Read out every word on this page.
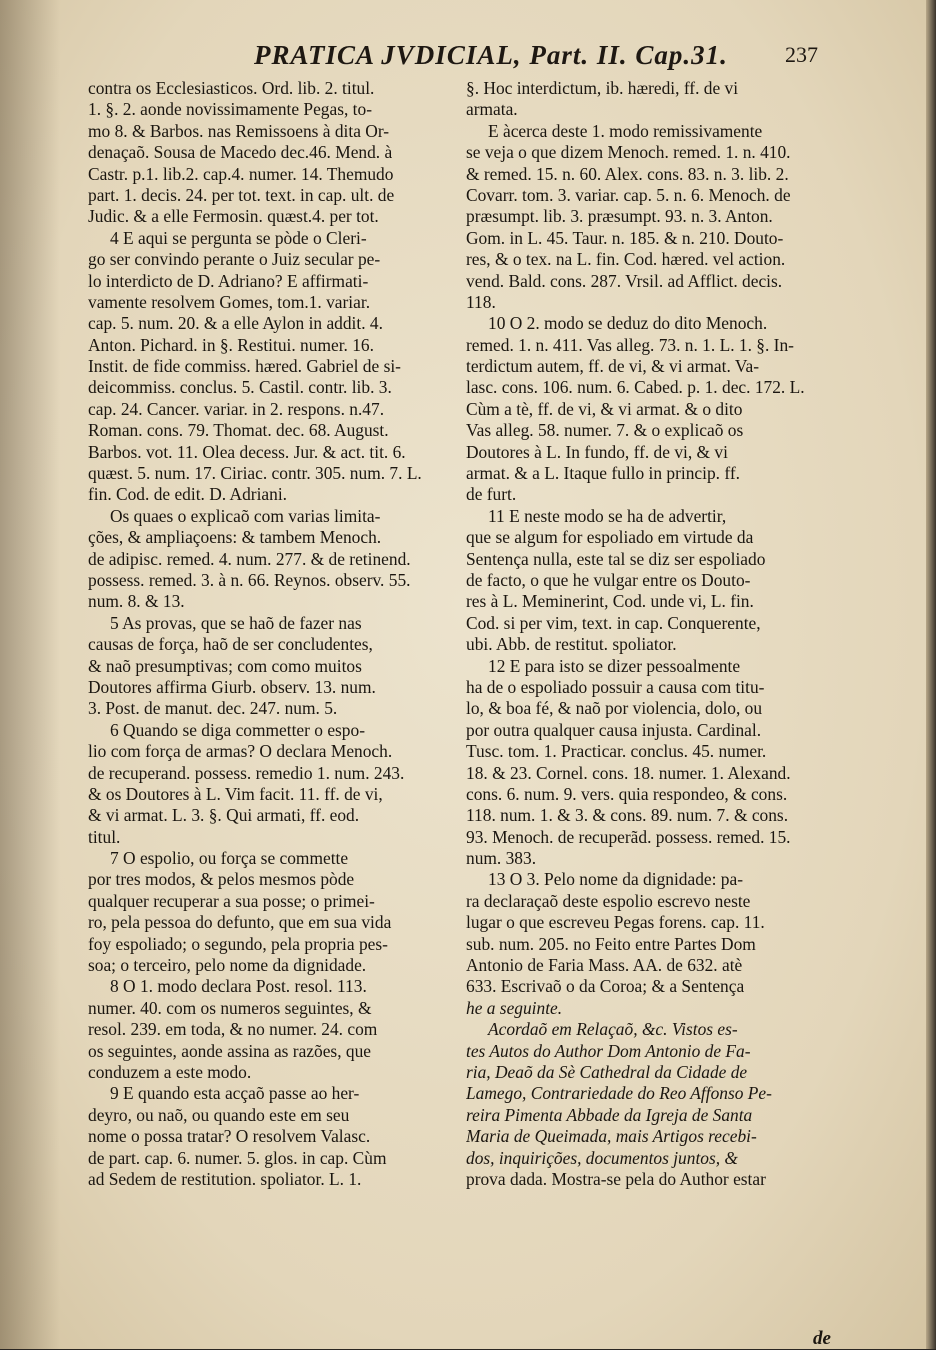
PRATICA JVDICIAL, Part. II. Cap.31.	237
contra os Ecclesiasticos. Ord. lib. 2. titul.
1. §. 2. aonde novissimamente Pegas, to-
mo 8. & Barbos. nas Remissoens à dita Or-
denaçaõ. Sousa de Macedo dec.46. Mend. à
Castr. p.1. lib.2. cap.4. numer. 14. Themudo
part. 1. decis. 24. per tot. text. in cap. ult. de
Judic. & a elle Fermosin. quæst.4. per tot.
4 E aqui se pergunta se pòde o Cleri-
go ser convindo perante o Juiz secular pe-
lo interdicto de D. Adriano? E affirmati-
vamente resolvem Gomes, tom.1. variar.
cap. 5. num. 20. & a elle Aylon in addit. 4.
Anton. Pichard. in §. Restitui. numer. 16.
Instit. de fide commiss. hæred. Gabriel de si-
deicommiss. conclus. 5. Castil. contr. lib. 3.
cap. 24. Cancer. variar. in 2. respons. n.47.
Roman. cons. 79. Thomat. dec. 68. August.
Barbos. vot. 11. Olea decess. Jur. & act. tit. 6.
quæst. 5. num. 17. Ciriac. contr. 305. num. 7. L.
fin. Cod. de edit. D. Adriani.
Os quaes o explicaõ com varias limita-
ções, & ampliaçoens: & tambem Menoch.
de adipisc. remed. 4. num. 277. & de retinend.
possess. remed. 3. à n. 66. Reynos. observ. 55.
num. 8. & 13.
5 As provas, que se haõ de fazer nas
causas de força, haõ de ser concludentes,
& naõ presumptivas; com como muitos
Doutores affirma Giurb. observ. 13. num.
3. Post. de manut. dec. 247. num. 5.
6 Quando se diga commetter o espo-
lio com força de armas? O declara Menoch.
de recuperand. possess. remedio 1. num. 243.
& os Doutores à L. Vim facit. 11. ff. de vi,
& vi armat. L. 3. §. Qui armati, ff. eod.
titul.
7 O espolio, ou força se commette
por tres modos, & pelos mesmos pòde
qualquer recuperar a sua posse; o primei-
ro, pela pessoa do defunto, que em sua vida
foy espoliado; o segundo, pela propria pes-
soa; o terceiro, pelo nome da dignidade.
8 O 1. modo declara Post. resol. 113.
numer. 40. com os numeros seguintes, &
resol. 239. em toda, & no numer. 24. com
os seguintes, aonde assina as razões, que
conduzem a este modo.
9 E quando esta acçaõ passe ao her-
deyro, ou naõ, ou quando este em seu
nome o possa tratar? O resolvem Valasc.
de part. cap. 6. numer. 5. glos. in cap. Cùm
ad Sedem de restitution. spoliator. L. 1.
§. Hoc interdictum, ib. hæredi, ff. de vi
armata.
E àcerca deste 1. modo remissivamente
se veja o que dizem Menoch. remed. 1. n. 410.
& remed. 15. n. 60. Alex. cons. 83. n. 3. lib. 2.
Covarr. tom. 3. variar. cap. 5. n. 6. Menoch. de
præsumpt. lib. 3. præsumpt. 93. n. 3. Anton.
Gom. in L. 45. Taur. n. 185. & n. 210. Douto-
res, & o tex. na L. fin. Cod. hæred. vel action.
vend. Bald. cons. 287. Vrsil. ad Afflict. decis.
118.
10 O 2. modo se deduz do dito Menoch.
remed. 1. n. 411. Vas alleg. 73. n. 1. L. 1. §. In-
terdictum autem, ff. de vi, & vi armat. Va-
lasc. cons. 106. num. 6. Cabed. p. 1. dec. 172. L.
Cùm a tè, ff. de vi, & vi armat. & o dito
Vas alleg. 58. numer. 7. & o explicaõ os
Doutores à L. In fundo, ff. de vi, & vi
armat. & a L. Itaque fullo in princip. ff.
de furt.
11 E neste modo se ha de advertir,
que se algum for espoliado em virtude da
Sentença nulla, este tal se diz ser espoliado
de facto, o que he vulgar entre os Douto-
res à L. Meminerint, Cod. unde vi, L. fin.
Cod. si per vim, text. in cap. Conquerente,
ubi. Abb. de restitut. spoliator.
12 E para isto se dizer pessoalmente
ha de o espoliado possuir a causa com titu-
lo, & boa fé, & naõ por violencia, dolo, ou
por outra qualquer causa injusta. Cardinal.
Tusc. tom. 1. Practicar. conclus. 45. numer.
18. & 23. Cornel. cons. 18. numer. 1. Alexand.
cons. 6. num. 9. vers. quia respondeo, & cons.
118. num. 1. & 3. & cons. 89. num. 7. & cons.
93. Menoch. de recuperãd. possess. remed. 15.
num. 383.
13 O 3. Pelo nome da dignidade: pa-
ra declaraçaõ deste espolio escrevo neste
lugar o que escreveu Pegas forens. cap. 11.
sub. num. 205. no Feito entre Partes Dom
Antonio de Faria Mass. AA. de 632. atè
633. Escrivaõ o da Coroa; & a Sentença
he a seguinte.
Acordaõ em Relaçaõ, &c. Vistos es-
tes Autos do Author Dom Antonio de Fa-
ria, Deaõ da Sè Cathedral da Cidade de
Lamego, Contrariedade do Reo Affonso Pe-
reira Pimenta Abbade da Igreja de Santa
Maria de Queimada, mais Artigos recebi-
dos, inquirições, documentos juntos, &
prova dada. Mostra-se pela do Author estar
de
